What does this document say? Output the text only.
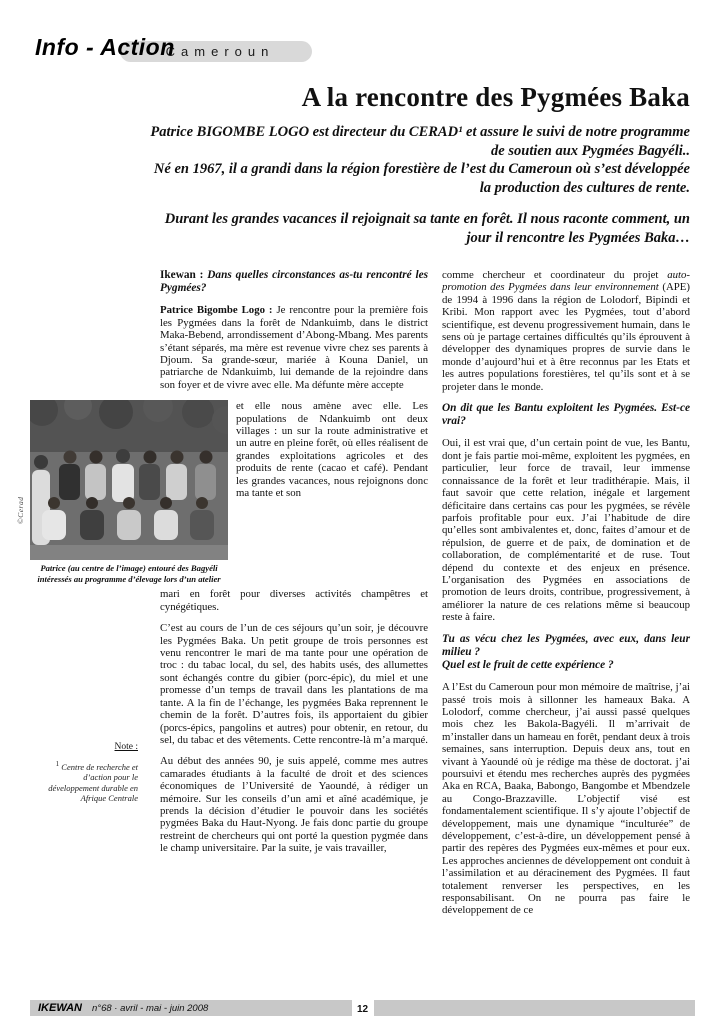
Cameroun
Info - Action
A la rencontre des Pygmées Baka

Patrice BIGOMBE LOGO est directeur du CERAD¹ et assure le suivi de notre programme de soutien aux Pygmées Bagyéli..

Né en 1967, il a grandi dans la région forestière de l’est du Cameroun où s’est développée la production des cultures de rente.

Durant les grandes vacances il rejoignait sa tante en forêt. Il nous raconte comment, un jour il rencontre les Pygmées Baka…

Ikewan : Dans quelles circonstances as-tu rencontré les Pygmées?

Patrice Bigombe Logo : Je rencontre pour la première fois les Pygmées dans la forêt de Ndankuimb, dans le district Maka-Bebend, arrondissement d’Abong-Mbang. Mes parents s’étant séparés, ma mère est revenue vivre chez ses parents à Djoum. Sa grande-sœur, mariée à Kouna Daniel, un patriarche de Ndankuimb, lui demande de la rejoindre dans son foyer et de vivre avec elle. Ma défunte mère accepte

Patrice (au centre de l’image) entouré des Bagyéli intéressés au programme d’élevage lors d’un atelier
©Cerad

et elle nous amène avec elle. Les populations de Ndankuimb ont deux villages : un sur la route administrative et un autre en pleine forêt, où elles réalisent de grandes exploitations agricoles et des produits de rente (cacao et café). Pendant les grandes vacances, nous rejoignons donc ma tante et son

mari en forêt pour diverses activités champêtres et cynégétiques.

C’est au cours de l’un de ces séjours qu’un soir, je découvre les Pygmées Baka. Un petit groupe de trois personnes est venu rencontrer le mari de ma tante pour une opération de troc : du tabac local, du sel, des habits usés, des allumettes sont échangés contre du gibier (porc-épic), du miel et une promesse d’un temps de travail dans les plantations de ma tante. A la fin de l’échange, les pygmées Baka reprennent le chemin de la forêt. D’autres fois, ils apportaient du gibier (porcs-épics, pangolins et autres) pour obtenir, en retour, du sel, du tabac et des vêtements. Cette rencontre-là m’a marqué.

Au début des années 90, je suis appelé, comme mes autres camarades étudiants à la faculté de droit et des sciences économiques de l’Université de Yaoundé, à rédiger un mémoire. Sur les conseils d’un ami et aîné académique, je prends la décision d’étudier le pouvoir dans les sociétés pygmées Baka du Haut-Nyong. Je fais donc partie du groupe restreint de chercheurs qui ont porté la question pygmée dans le champ universitaire. Par la suite, je vais travailler,

comme chercheur et coordinateur du projet auto-promotion des Pygmées dans leur environnement (APE) de 1994 à 1996 dans la région de Lolodorf, Bipindi et Kribi. Mon rapport avec les Pygmées, tout d’abord scientifique, est devenu progressivement humain, dans le sens où je partage certaines difficultés qu’ils éprouvent à développer des dynamiques propres de survie dans le monde d’aujourd’hui et à être reconnus par les Etats et les autres populations forestières, tel qu’ils sont et à se projeter dans le monde.

On dit que les Bantu exploitent les Pygmées. Est-ce vrai?

Oui, il est vrai que, d’un certain point de vue, les Bantu, dont je fais partie moi-même, exploitent les pygmées, en particulier, leur force de travail, leur immense connaissance de la forêt et leur tradithérapie. Mais, il faut savoir que cette relation, inégale et largement déficitaire dans certains cas pour les pygmées, se révèle parfois profitable pour eux. J’ai l’habitude de dire qu’elles sont ambivalentes et, donc, faites d’amour et de répulsion, de guerre et de paix, de domination et de collaboration, de complémentarité et de ruse. Tout dépend du contexte et des enjeux en présence. L’organisation des Pygmées en associations de promotion de leurs droits, contribue, progressivement, à améliorer la nature de ces relations même si beaucoup reste à faire.

Tu as vécu chez les Pygmées, avec eux, dans leur milieu ?
Quel est le fruit de cette expérience ?

A l’Est du Cameroun pour mon mémoire de maîtrise, j’ai passé trois mois à sillonner les hameaux Baka. A Lolodorf, comme chercheur, j’ai aussi passé quelques mois chez les Bakola-Bagyéli. Il m’arrivait de m’installer dans un hameau en forêt, pendant deux à trois semaines, sans interruption. Depuis deux ans, tout en vivant à Yaoundé où je rédige ma thèse de doctorat. j’ai poursuivi et étendu mes recherches auprès des pygmées Aka en RCA, Baaka, Babongo, Bangombe et Mbendzele au Congo-Brazzaville. L’objectif visé est fondamentalement scientifique. Il s’y ajoute l’objectif de développement, mais une dynamique “inculturée” de développement, c’est-à-dire, un développement pensé à partir des repères des Pygmées eux-mêmes et pour eux. Les approches anciennes de développement ont conduit à l’assimilation et au déracinement des Pygmées. Il faut totalement renverser les perspectives, en les responsabilisant. On ne pourra pas faire le développement de ce

Note :
$^1$ Centre de recherche et d’action pour le développement durable en Afrique Centrale
IKEWAN n°68 · avril - mai - juin 2008	12
